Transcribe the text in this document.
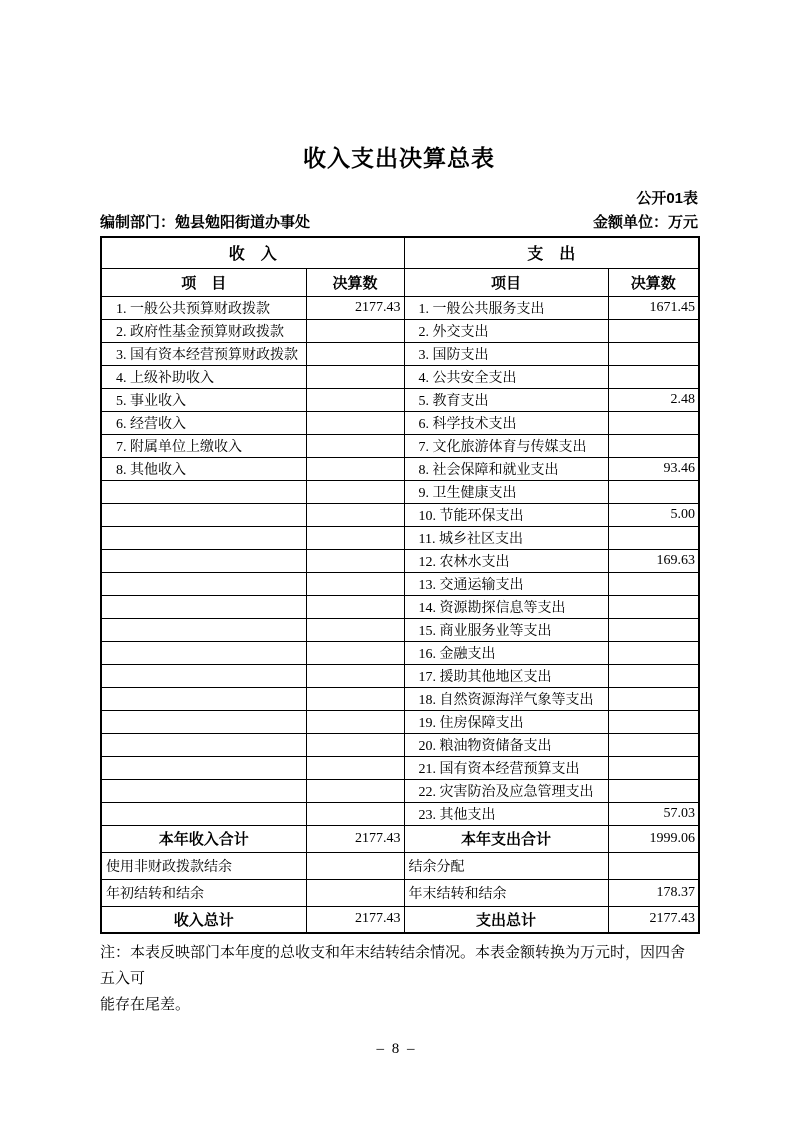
收入支出决算总表
公开01表
编制部门：勉县勉阳街道办事处	金额单位：万元
收　入		支　出	
项　目	决算数	项目	决算数
1. 一般公共预算财政拨款	2177.43	1. 一般公共服务支出	1671.45
2. 政府性基金预算财政拨款		2. 外交支出	
3. 国有资本经营预算财政拨款		3. 国防支出	
4. 上级补助收入		4. 公共安全支出	
5. 事业收入		5. 教育支出	2.48
6. 经营收入		6. 科学技术支出	
7. 附属单位上缴收入		7. 文化旅游体育与传媒支出	
8. 其他收入		8. 社会保障和就业支出	93.46
		9. 卫生健康支出	
		10. 节能环保支出	5.00
		11. 城乡社区支出	
		12. 农林水支出	169.63
		13. 交通运输支出	
		14. 资源勘探信息等支出	
		15. 商业服务业等支出	
		16. 金融支出	
		17. 援助其他地区支出	
		18. 自然资源海洋气象等支出	
		19. 住房保障支出	
		20. 粮油物资储备支出	
		21. 国有资本经营预算支出	
		22. 灾害防治及应急管理支出	
		23. 其他支出	57.03
本年收入合计	2177.43	本年支出合计	1999.06
使用非财政拨款结余		结余分配	
年初结转和结余		年末结转和结余	178.37
收入总计	2177.43	支出总计	2177.43

注：本表反映部门本年度的总收支和年末结转结余情况。本表金额转换为万元时，因四舍五入可
能存在尾差。

– 8 –
